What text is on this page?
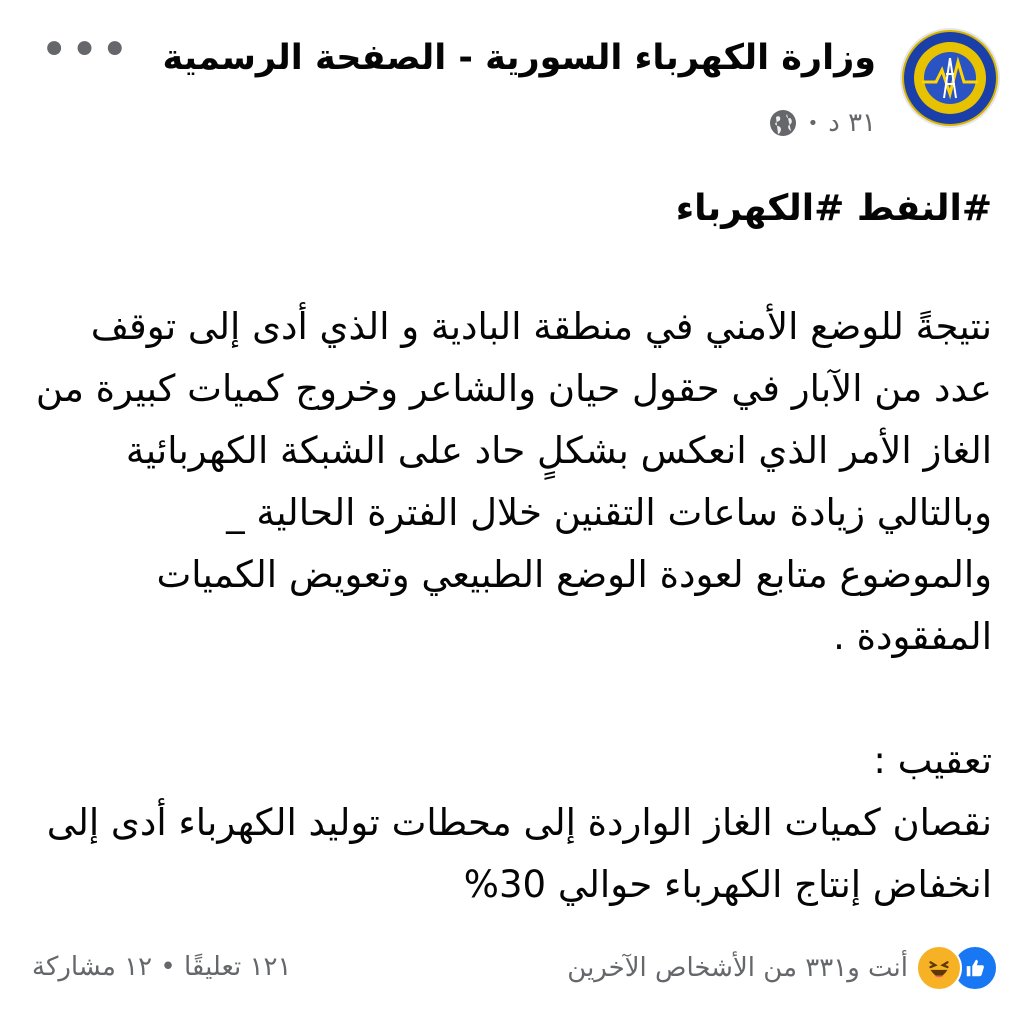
وزارة الكهرباء السورية - الصفحة الرسمية
٣١ د
•
•••
#النفط #الكهرباء
نتيجةً للوضع الأمني في منطقة البادية و الذي أدى إلى توقف
عدد من الآبار في حقول حيان والشاعر وخروج كميات كبيرة من
الغاز الأمر الذي انعكس بشكلٍ حاد على الشبكة الكهربائية
وبالتالي زيادة ساعات التقنين خلال الفترة الحالية _
والموضوع متابع لعودة الوضع الطبيعي وتعويض الكميات
المفقودة .
تعقيب :
نقصان كميات الغاز الواردة إلى محطات توليد الكهرباء أدى إلى
انخفاض إنتاج الكهرباء حوالي 30%
أنت و٣٣١ من الأشخاص الآخرين
١٢١ تعليقًا • ١٢ مشاركة
